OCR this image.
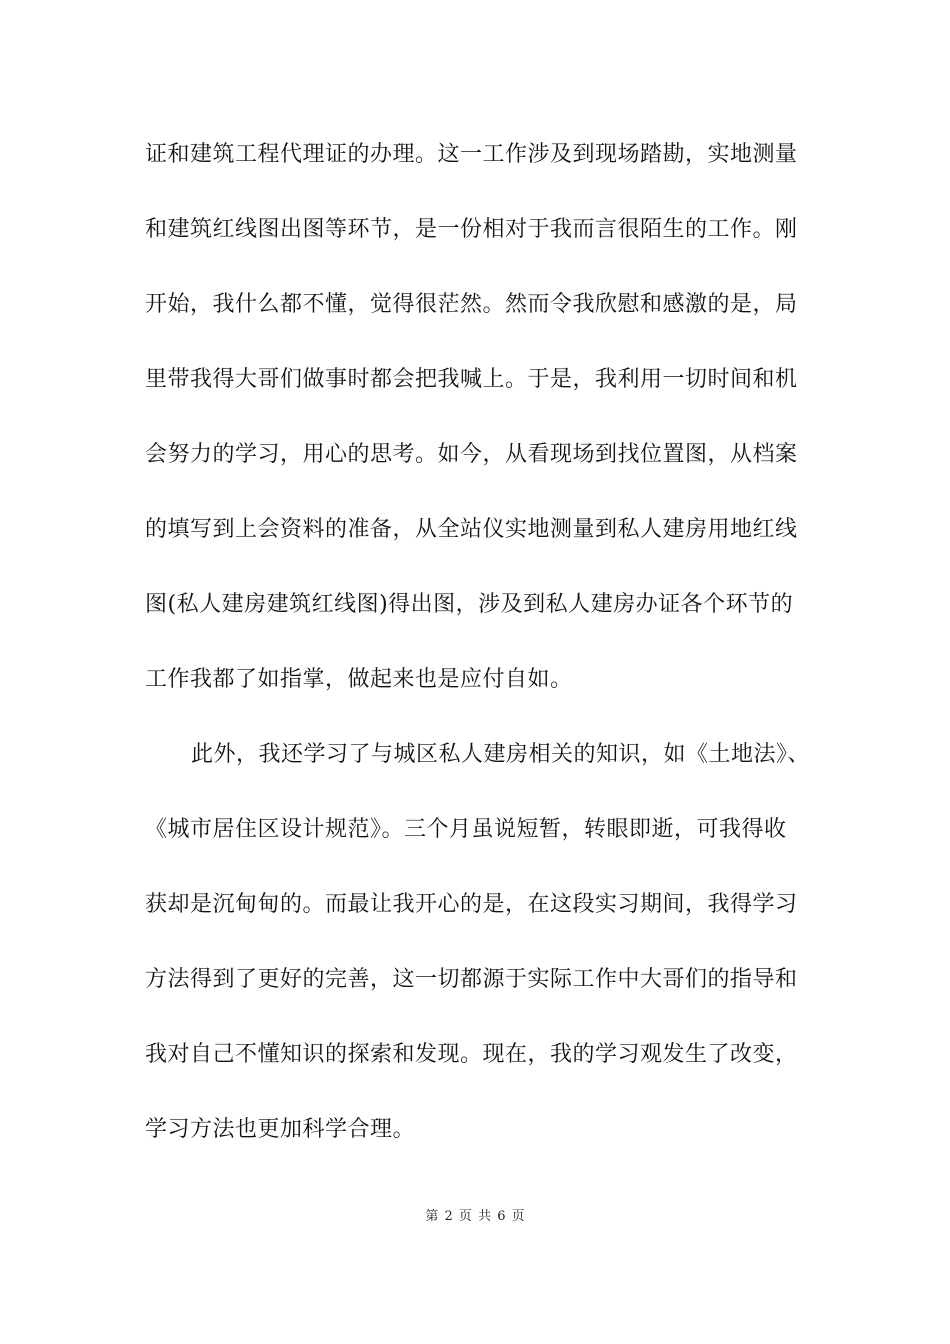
证和建筑工程代理证的办理。这一工作涉及到现场踏勘，实地测量
和建筑红线图出图等环节，是一份相对于我而言很陌生的工作。刚
开始，我什么都不懂，觉得很茫然。然而令我欣慰和感激的是，局
里带我得大哥们做事时都会把我喊上。于是，我利用一切时间和机
会努力的学习，用心的思考。如今，从看现场到找位置图，从档案
的填写到上会资料的准备，从全站仪实地测量到私人建房用地红线
图(私人建房建筑红线图)得出图，涉及到私人建房办证各个环节的
工作我都了如指掌，做起来也是应付自如。
此外，我还学习了与城区私人建房相关的知识，如《土地法》、
《城市居住区设计规范》。三个月虽说短暂，转眼即逝，可我得收
获却是沉甸甸的。而最让我开心的是，在这段实习期间，我得学习
方法得到了更好的完善，这一切都源于实际工作中大哥们的指导和
我对自己不懂知识的探索和发现。现在，我的学习观发生了改变，
学习方法也更加科学合理。
第 2 页 共 6 页
